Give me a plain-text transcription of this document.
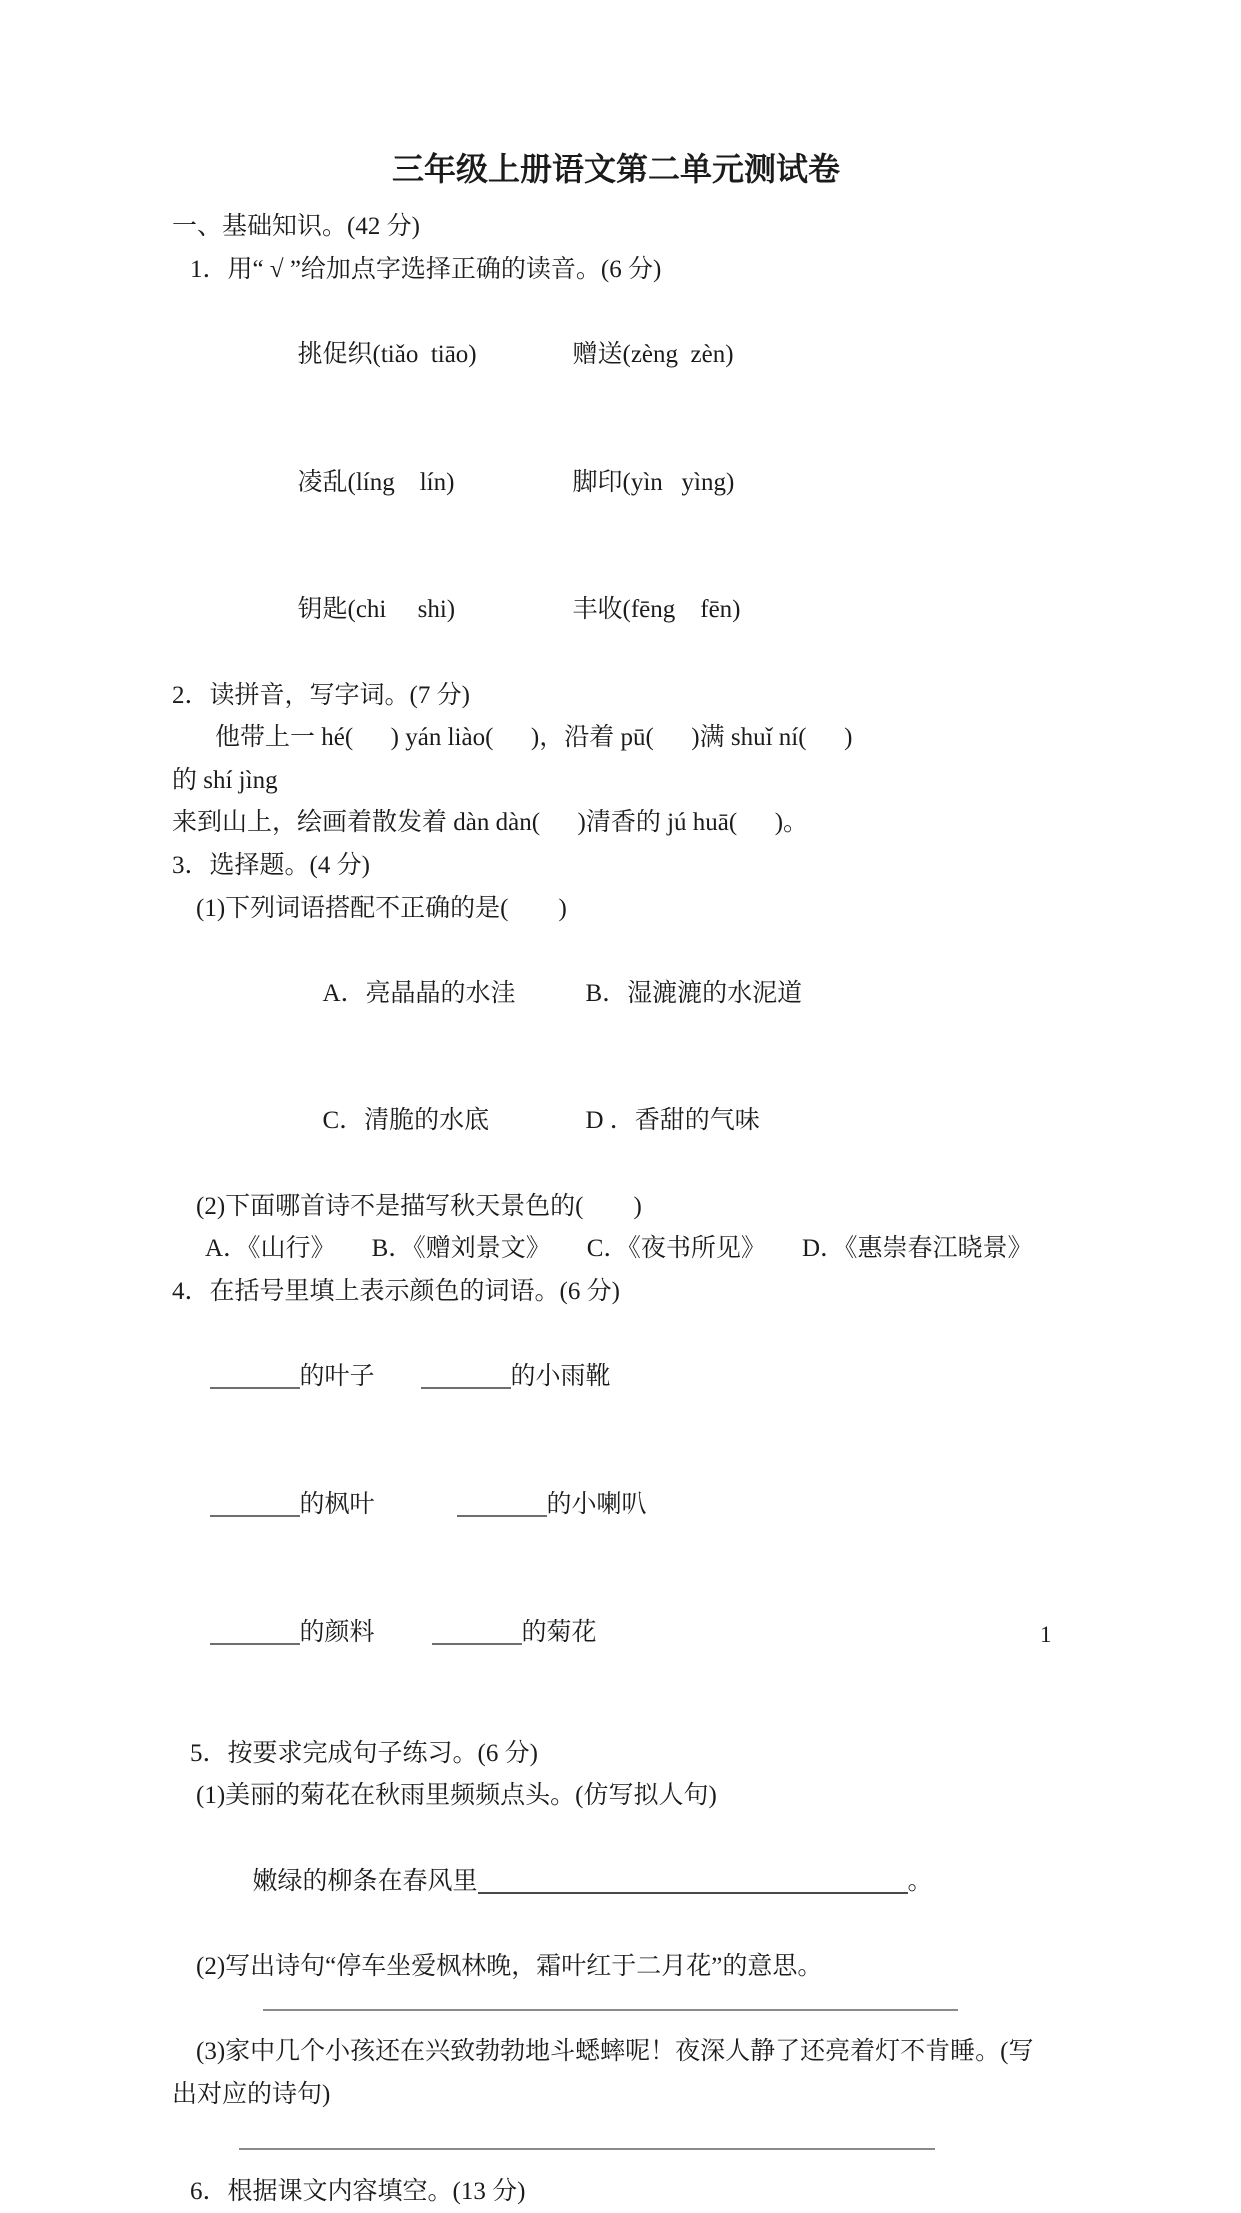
三年级上册语文第二单元测试卷
一、基础知识。(42 分)
1．用“ √ ”给加点字选择正确的读音。(6 分)

挑促织(tiǎo  tiāo)	赠送(zèng  zèn)

凌乱(líng    lín)	脚印(yìn   yìng)

钥匙(chi     shi)	丰收(fēng    fēn)

2．读拼音，写字词。(7 分)
他带上一 hé(      ) yán liào(      )，沿着 pū(      )满 shuǐ ní(      )
的 shí jìng
来到山上，绘画着散发着 dàn dàn(      )清香的 jú huā(      )。
3．选择题。(4 分)
(1)下列词语搭配不正确的是(        )

A．亮晶晶的水洼	B．湿漉漉的水泥道

C．清脆的水底	D ．香甜的气味

(2)下面哪首诗不是描写秋天景色的(        )
A．《山行》 B．《赠刘景文》 C．《夜书所见》 D．《惠崇春江晓景》
4．在括号里填上表示颜色的词语。(6 分)

的叶子	的小雨靴

的枫叶	的小喇叭

的颜料	的菊花

5．按要求完成句子练习。(6 分)
(1)美丽的菊花在秋雨里频频点头。(仿写拟人句)

嫩绿的柳条在春风里	。

(2)写出诗句“停车坐爱枫林晚，霜叶红于二月花”的意思。
(3)家中几个小孩还在兴致勃勃地斗蟋蟀呢！夜深人静了还亮着灯不肯睡。(写
出对应的诗句)
6．根据课文内容填空。(13 分)
1
